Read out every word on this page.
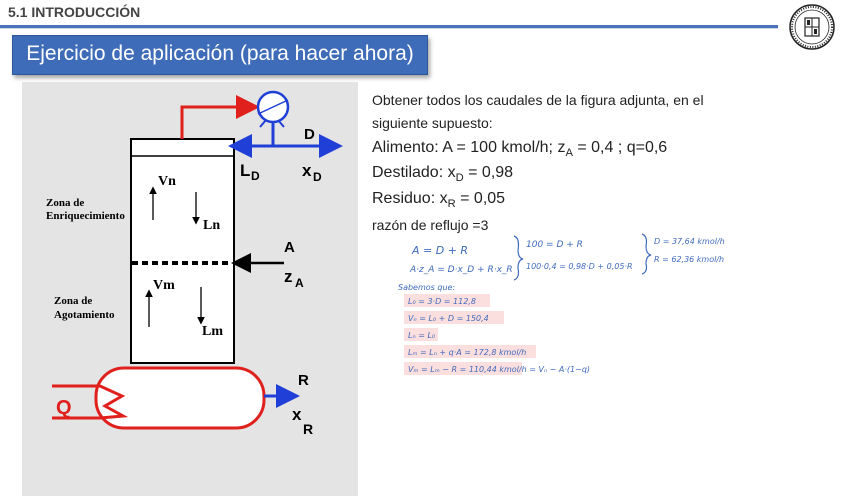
5.1 INTRODUCCIÓN
Ejercicio de aplicación (para hacer ahora)
Zona de
Enriquecimiento
Zona de
Agotamiento
Vn
Ln
Vm
Lm
D
L D x D
A
z A
R
x
R
Q
Obtener todos los caudales de la figura adjunta, en el
siguiente supuesto:
Alimento: A = 100 kmol/h; $z_A = 0,4$ ; q=0,6
Destilado: $x_D = 0,98$
Residuo: $x_R = 0,05$
razón de reflujo =3
A = D + R
A·z_A = D·x_D + R·x_R
100 = D + R
100·0,4 = 0,98·D + 0,05·R
D = 37,64 kmol/h
R = 62,36 kmol/h
Sabemos que:
L₀ = 3·D = 112,8
Vₙ = L₀ + D = 150,4
Lₙ = L₀
Lₘ = Lₙ + q·A = 172,8 kmol/h
Vₘ = Lₘ − R = 110,44 kmol/h = Vₙ − A·(1−q)
